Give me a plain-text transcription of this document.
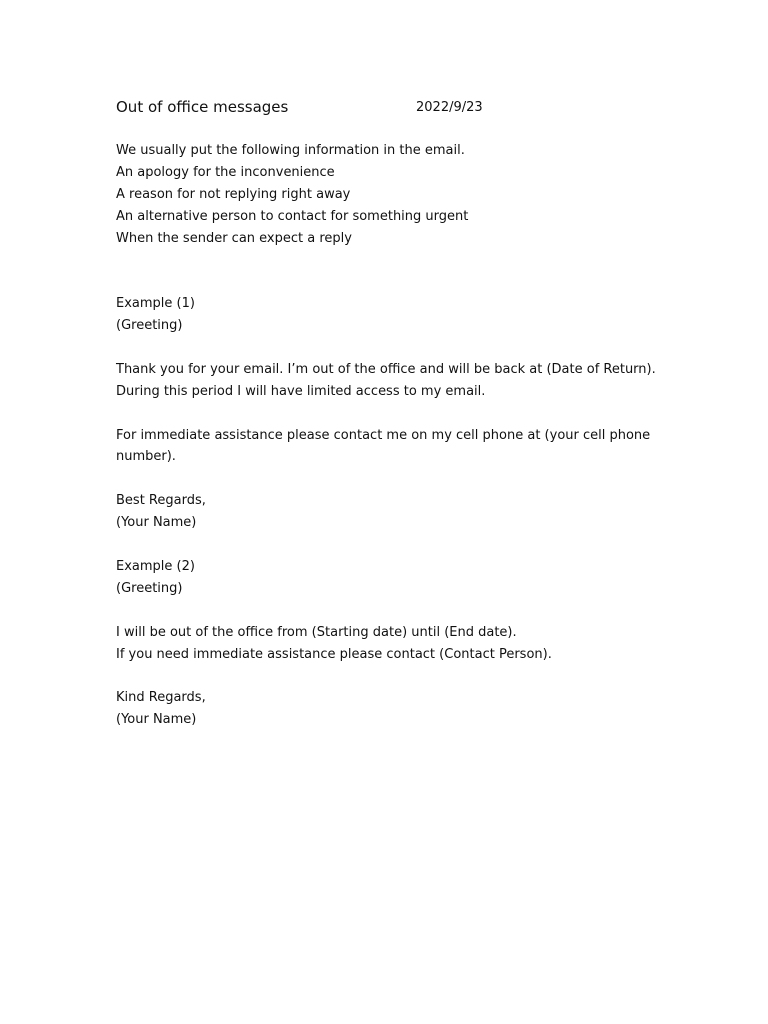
Out of office messages	2022/9/23
We usually put the following information in the email.
An apology for the inconvenience
A reason for not replying right away
An alternative person to contact for something urgent
When the sender can expect a reply
Example (1)
(Greeting)
Thank you for your email. I’m out of the office and will be back at (Date of Return).
During this period I will have limited access to my email.
For immediate assistance please contact me on my cell phone at (your cell phone
number).
Best Regards,
(Your Name)
Example (2)
(Greeting)
I will be out of the office from (Starting date) until (End date).
If you need immediate assistance please contact (Contact Person).
Kind Regards,
(Your Name)
